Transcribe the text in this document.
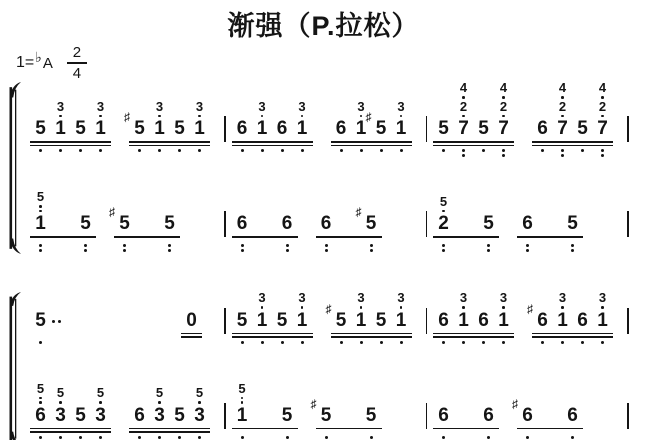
渐强（P.拉松）
1= ♭ A $\frac{2}{4}$
5
3
1 5
3
1
♯
5
3
1 5
3
1 6
3
1 6
3
1 6
3
1
♯
5
3
1 5
4
2
7 5
4
2
7 6
4
2
7 5
4
2
7
5
1 5
♯
5 5	6 6 6
♯
5
5
2 5 6 5
5	0 5
3
1 5
3
1
♯
5
3
1 5
3
1 6
3
1 6
3
1
♯
6
3
1 6
3
1
5
6
5
3 5
5
3 6
5
3 5
5
3
5
1 5
♯
5 5	6 6
♯
6 6
